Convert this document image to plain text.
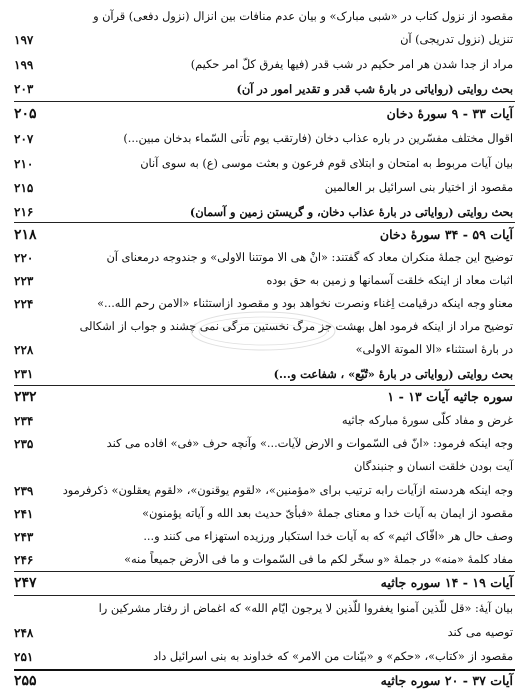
مقصود از نزول کتاب در «شبی مبارک» و بیان عدم منافات بین انزال (نزول دفعی) قرآن و
تنزیل (نزول تدریجی) آن
۱۹۷
مراد از جدا شدن هر امر حکیم در شب قدر (فیها یفرق کلّ امر حکیم)
۱۹۹
بحث روایتی (روایاتی در بارهٔ شب قدر و تقدیر امور در آن)
۲۰۳
آیات ۳۳ - ۹ سورهٔ دخان
۲۰۵
اقوال مختلف مفسّرین در باره عذاب دخان (فارتقب یوم تأتی السّماء بدخان مبین...)
۲۰۷
بیان آیات مربوط به امتحان و ابتلای قوم فرعون و بعثت موسی (ع) به سوی آنان
۲۱۰
مقصود از اختیار بنی اسرائیل بر العالمین
۲۱۵
بحث روایتی (روایاتی در بارهٔ عذاب دخان، و گریستن زمین و آسمان)
۲۱۶
آیات ۵۹ - ۳۴ سورهٔ دخان
۲۱۸
توضیح این جملهٔ منکران معاد که گفتند: «انْ هی الا موتتنا الاولی» و جندوجه درمعنای آن
۲۲۰
اثبات معاد از اینکه خلقت آسمانها و زمین به حق بوده
۲۲۳
معناو وجه اینکه درقیامت اِغناء ونصرت نخواهد بود و مقصود ازاستثناء «الامن رحم الله...»
۲۲۴
توضیح مراد از اینکه فرمود اهل بهشت جز مرگ نخستین مرگی نمی چشند و جواب از اشکالی
در بارهٔ استثناء «الا الموتة الاولی»
۲۲۸
بحث روایتی (روایاتی در بارهٔ «تُبّع» ، شفاعت و...)
۲۳۱
سوره جاثیه آیات ۱۳ - ۱
۲۳۲
غرض و مفاد کلّی سورهٔ مبارکه جاثیه
۲۳۴
وجه اینکه فرمود: «انّ فی السّموات و الارض لآیات...» وآنچه حرف «فی» افاده می کند
۲۳۵
آیت بودن خلقت انسان و جنبندگان
وجه اینکه هردسته ازآیات رابه ترتیب برای «مؤمنین»، «لقوم یوقنون»، «لقوم یعقلون» ذکرفرمود
۲۳۹
مقصود از ایمان به آیات خدا و معنای جملهٔ «فبأیّ حدیث بعد الله و آیاته یؤمنون»
۲۴۱
وصف حال هر «افّاک اثیم» که به آیات خدا استکبار ورزیده استهزاء می کنند و...
۲۴۳
مفاد کلمهٔ «منه» در جملهٔ «و سخّر لکم ما فی السّموات و ما فی الأرض جمیعاً منه»
۲۴۶
آیات ۱۹ - ۱۴ سوره جاثیه
۲۴۷
بیان آیهٔ: «قل للّذین آمنوا یغفروا للّذین لا یرجون ایّام الله» که اغماض از رفتار مشرکین را
توصیه می کند
۲۴۸
مقصود از «کتاب»، «حکم» و «بیّنات من الامر» که خداوند به بنی اسرائیل داد
۲۵۱
آیات ۳۷ - ۲۰ سوره جاثیه
۲۵۵
